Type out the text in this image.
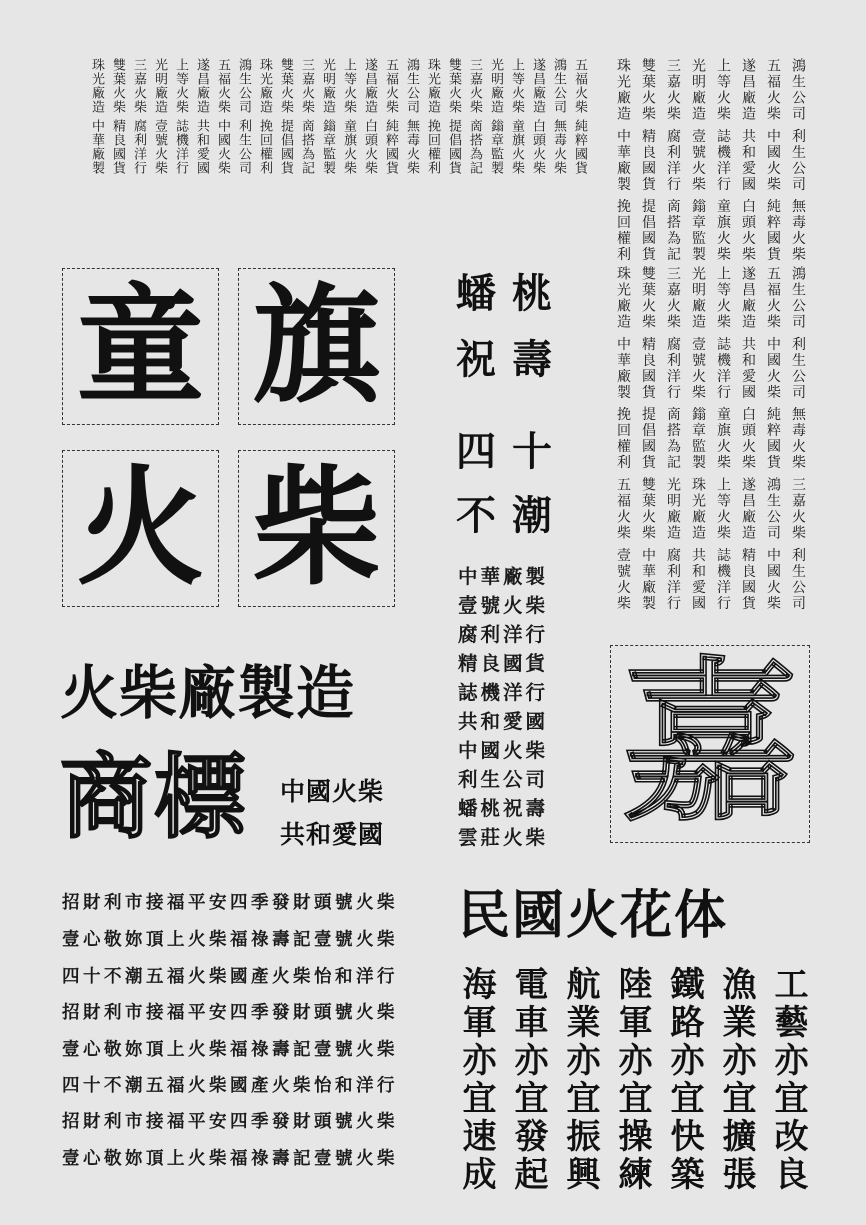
五福火柴 純粹國貨
鴻生公司 無毒火柴
遂昌廠造 白頭火柴
上等火柴 童旗火柴
光明廠造 鎓章監製
三嘉火柴 啇搭為記
雙葉火柴 提倡國貨
珠光廠造 挽回權利
鴻生公司 無毒火柴
五福火柴 純粹國貨
遂昌廠造 白頭火柴
上等火柴 童旗火柴
光明廠造 鎓章監製
三嘉火柴 啇搭為記
雙葉火柴 提倡國貨
珠光廠造 挽回權利
鴻生公司 利生公司
五福火柴 中國火柴
遂昌廠造 共和愛國
上等火柴 誌機洋行
光明廠造 壹號火柴
三嘉火柴 腐利洋行
雙葉火柴 精良國貨
珠光廠造 中華廠製	鴻生公司 利生公司 無毒火柴
五福火柴 中國火柴 純粹國貨
遂昌廠造 共和愛國 白頭火柴
上等火柴 誌機洋行 童旗火柴
光明廠造 壹號火柴 鎓章監製
三嘉火柴 腐利洋行 啇搭為記
雙葉火柴 精良國貨 提倡國貨
珠光廠造 中華廠製 挽回權利
鴻生公司 利生公司 無毒火柴 三嘉火柴 利生公司
五福火柴 中國火柴 純粹國貨 鴻生公司 中國火柴
遂昌廠造 共和愛國 白頭火柴 遂昌廠造 精良國貨
上等火柴 誌機洋行 童旗火柴 上等火柴 誌機洋行
光明廠造 壹號火柴 鎓章監製 珠光廠造 共和愛國
三嘉火柴 腐利洋行 啇搭為記 光明廠造 腐利洋行
雙葉火柴 精良國貨 提倡國貨 雙葉火柴 中華廠製
珠光廠造 中華廠製 挽回權利 五福火柴 壹號火柴
童 旗
火 柴
蟠 桃
祝 壽
四 十
不 潮
中華廠製
壹號火柴
腐利洋行
精良國貨
誌機洋行
共和愛國
中國火柴
利生公司
蟠桃祝壽
雲莊火柴 嘉
火柴廠製造
商標 中國火柴
共和愛國
招財利市接福平安四季發財頭號火柴
壹心敬妳頂上火柴福祿壽記壹號火柴
四十不潮五福火柴國產火柴怡和洋行
招財利市接福平安四季發財頭號火柴
壹心敬妳頂上火柴福祿壽記壹號火柴
四十不潮五福火柴國產火柴怡和洋行
招財利市接福平安四季發財頭號火柴
壹心敬妳頂上火柴福祿壽記壹號火柴
民國火花体
工藝亦宜改良
漁業亦宜擴張
鐵路亦宜快築
陸軍亦宜操練
航業亦宜振興
電車亦宜發起
海軍亦宜速成
